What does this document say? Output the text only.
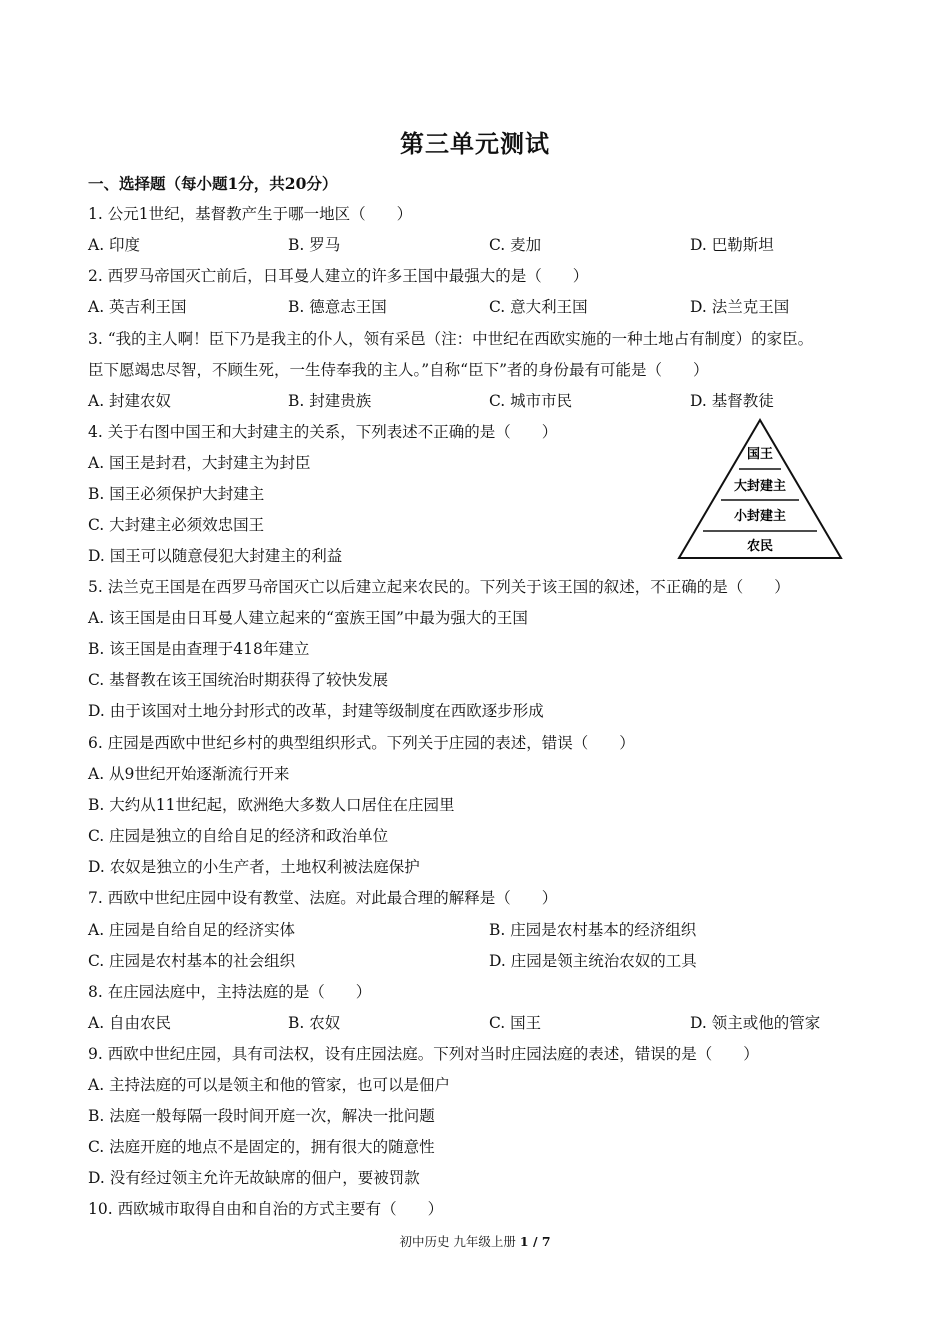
第三单元测试
一、选择题（每小题1分，共20分）
1. 公元1世纪，基督教产生于哪一地区（　　）
A. 印度	B. 罗马	C. 麦加	D. 巴勒斯坦
2. 西罗马帝国灭亡前后，日耳曼人建立的许多王国中最强大的是（　　）
A. 英吉利王国	B. 德意志王国	C. 意大利王国	D. 法兰克王国
3. “我的主人啊！臣下乃是我主的仆人，领有采邑（注：中世纪在西欧实施的一种土地占有制度）的家臣。
臣下愿竭忠尽智，不顾生死，一生侍奉我的主人。”自称“臣下”者的身份最有可能是（　　）
A. 封建农奴	B. 封建贵族	C. 城市市民	D. 基督教徒
4. 关于右图中国王和大封建主的关系，下列表述不正确的是（　　）
A. 国王是封君，大封建主为封臣
B. 国王必须保护大封建主
C. 大封建主必须效忠国王
D. 国王可以随意侵犯大封建主的利益
国王
大封建主
小封建主
农民
5. 法兰克王国是在西罗马帝国灭亡以后建立起来农民的。下列关于该王国的叙述，不正确的是（　　）
A. 该王国是由日耳曼人建立起来的“蛮族王国”中最为强大的王国
B. 该王国是由查理于418年建立
C. 基督教在该王国统治时期获得了较快发展
D. 由于该国对土地分封形式的改革，封建等级制度在西欧逐步形成
6. 庄园是西欧中世纪乡村的典型组织形式。下列关于庄园的表述，错误（　　）
A. 从9世纪开始逐渐流行开来
B. 大约从11世纪起，欧洲绝大多数人口居住在庄园里
C. 庄园是独立的自给自足的经济和政治单位
D. 农奴是独立的小生产者，土地权利被法庭保护
7. 西欧中世纪庄园中设有教堂、法庭。对此最合理的解释是（　　）
A. 庄园是自给自足的经济实体	B. 庄园是农村基本的经济组织
C. 庄园是农村基本的社会组织	D. 庄园是领主统治农奴的工具
8. 在庄园法庭中，主持法庭的是（　　）
A. 自由农民	B. 农奴	C. 国王	D. 领主或他的管家
9. 西欧中世纪庄园，具有司法权，设有庄园法庭。下列对当时庄园法庭的表述，错误的是（　　）
A. 主持法庭的可以是领主和他的管家，也可以是佃户
B. 法庭一般每隔一段时间开庭一次，解决一批问题
C. 法庭开庭的地点不是固定的，拥有很大的随意性
D. 没有经过领主允许无故缺席的佃户，要被罚款
10. 西欧城市取得自由和自治的方式主要有（　　）
初中历史 九年级上册 1 / 7
